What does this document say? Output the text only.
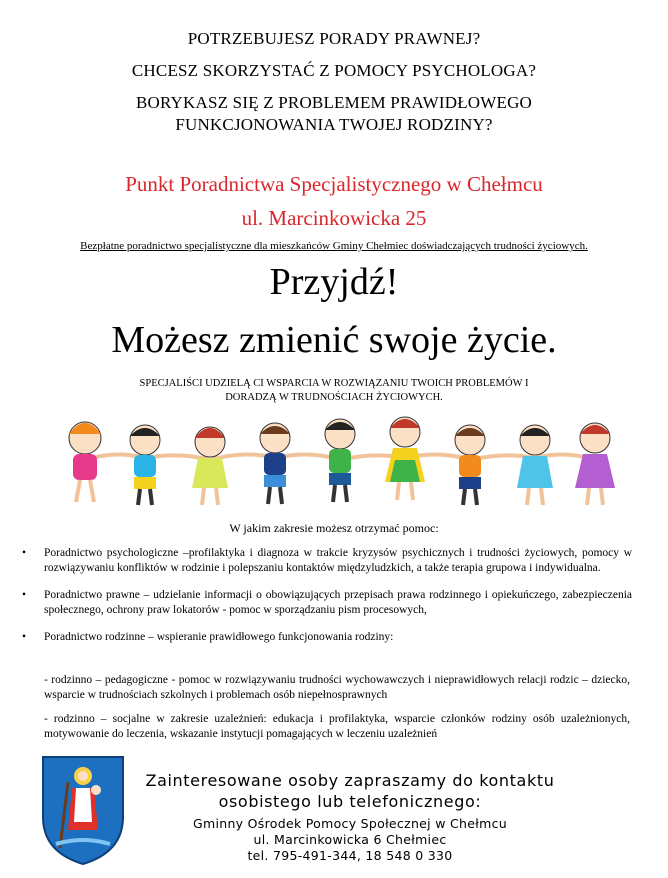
POTRZEBUJESZ PORADY PRAWNEJ?
CHCESZ SKORZYSTAĆ Z POMOCY PSYCHOLOGA?
BORYKASZ SIĘ Z PROBLEMEM PRAWIDŁOWEGO
FUNKCJONOWANIA TWOJEJ RODZINY?
Punkt Poradnictwa Specjalistycznego w Chełmcu
ul. Marcinkowicka 25
Bezpłatne poradnictwo specjalistyczne dla mieszkańców Gminy Chełmiec doświadczających trudności życiowych.
Przyjdź!
Możesz zmienić swoje życie.
SPECJALIŚCI UDZIELĄ CI WSPARCIA W ROZWIĄZANIU TWOICH PROBLEMÓW I
DORADZĄ W TRUDNOŚCIACH ŻYCIOWYCH.
W jakim zakresie możesz otrzymać pomoc:
• Poradnictwo psychologiczne –profilaktyka i diagnoza w trakcie kryzysów psychicznych i trudności życiowych, pomocy w rozwiązywaniu konfliktów w rodzinie i polepszaniu kontaktów międzyludzkich, a także terapia grupowa i indywidualna.
• Poradnictwo prawne – udzielanie informacji o obowiązujących przepisach prawa rodzinnego i opiekuńczego, zabezpieczenia społecznego, ochrony praw lokatorów - pomoc w sporządzaniu pism procesowych,
• Poradnictwo rodzinne – wspieranie prawidłowego funkcjonowania rodziny:
- rodzinno – pedagogiczne - pomoc w rozwiązywaniu trudności wychowawczych i nieprawidłowych relacji rodzic – dziecko, wsparcie w trudnościach szkolnych i problemach osób niepełnosprawnych
- rodzinno – socjalne w zakresie uzależnień: edukacja i profilaktyka, wsparcie członków rodziny osób uzależnionych, motywowanie do leczenia, wskazanie instytucji pomagających w leczeniu uzależnień
Zainteresowane osoby zapraszamy do kontaktu
osobistego lub telefonicznego:
Gminny Ośrodek Pomocy Społecznej w Chełmcu
ul. Marcinkowicka 6 Chełmiec
tel. 795-491-344, 18 548 0 330
